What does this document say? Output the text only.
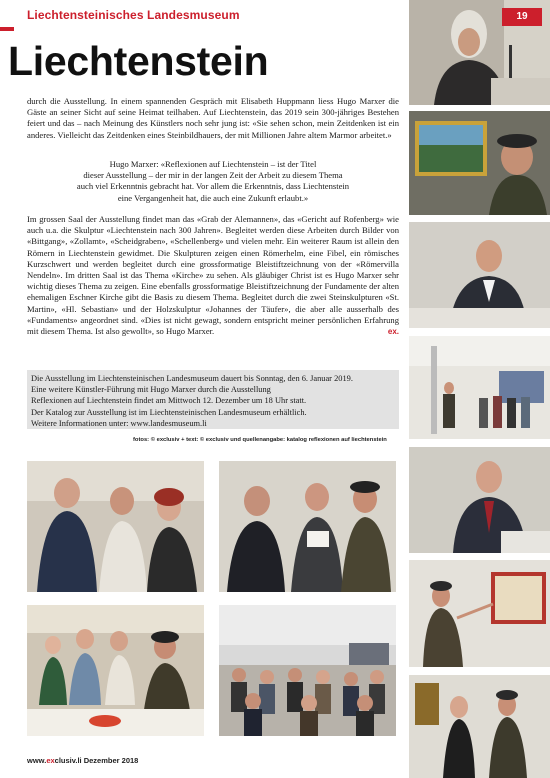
Liechtensteinisches Landesmuseum
Liechtenstein
19
durch die Ausstellung. In einem spannenden Gespräch mit Elisabeth Huppmann liess Hugo Marxer die Gäste an seiner Sicht auf seine Heimat teilhaben. Auf Liechtenstein, das 2019 sein 300-jähriges Bestehen feiert und das – nach Meinung des Künstlers noch sehr jung ist: «Sie sehen schon, mein Zeitdenken ist ein anderes. Vielleicht das Zeitdenken eines Steinbildhauers, der mit Millionen Jahre altem Marmor arbeitet.»
Hugo Marxer: «Reflexionen auf Liechtenstein – ist der Titel
dieser Ausstellung – der mir in der langen Zeit der Arbeit zu diesem Thema
auch viel Erkenntnis gebracht hat. Vor allem die Erkenntnis, dass Liechtenstein
eine Vergangenheit hat, die auch eine Zukunft erlaubt.»
Im grossen Saal der Ausstellung findet man das «Grab der Alemannen», das «Gericht auf Rofenberg» wie auch u.a. die Skulptur «Liechtenstein nach 300 Jahren». Begleitet werden diese Arbeiten durch Bilder von «Bittgang», «Zollamt», «Scheidgraben», «Schellenberg» und vielen mehr. Ein weiterer Raum ist allein den Römern in Liechtenstein gewidmet. Die Skulpturen zeigen einen Römerhelm, eine Fibel, ein römisches Kurzschwert und werden begleitet durch eine grossformatige Bleistiftzeichnung von der «Römervilla Nendeln». Im dritten Saal ist das Thema «Kirche» zu sehen. Als gläubiger Christ ist es Hugo Marxer sehr wichtig dieses Thema zu zeigen. Eine ebenfalls grossformatige Bleistiftzeichnung der Fundamente der alten ehemaligen Eschner Kirche gibt die Basis zu diesem Thema. Begleitet durch die zwei Steinskulpturen «St. Martin», «Hl. Sebastian» und der Holzskulptur «Johannes der Täufer», die aber alle ausserhalb des «Fundaments» angeordnet sind. «Dies ist nicht gewagt, sondern entspricht meiner persönlichen Erfahrung mit diesem Thema. Ist also gewollt», so Hugo Marxer.	ex.
Die Ausstellung im Liechtensteinischen Landesmuseum dauert bis Sonntag, den 6. Januar 2019.
Eine weitere Künstler-Führung mit Hugo Marxer durch die Ausstellung
Reflexionen auf Liechtenstein findet am Mittwoch 12. Dezember um 18 Uhr statt.
Der Katalog zur Ausstellung ist im Liechtensteinischen Landesmuseum erhältlich.
Weitere Informationen unter: www.landesmuseum.li
fotos: © exclusiv + text: © exclusiv und quellenangabe: katalog reflexionen auf liechtenstein
www.exclusiv.li Dezember 2018
